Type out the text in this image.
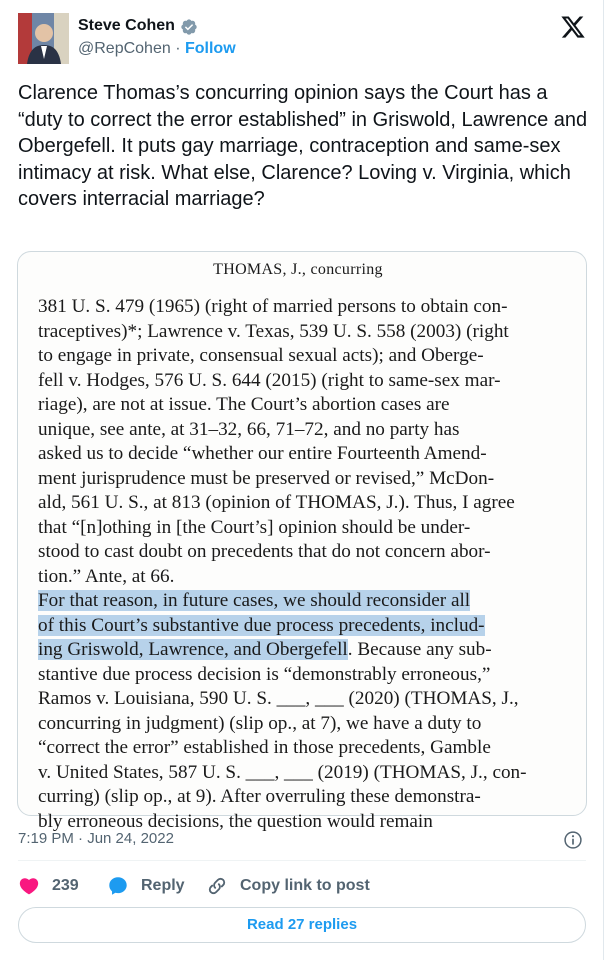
Steve Cohen
@RepCohen · Follow
Clarence Thomas’s concurring opinion says the Court has a “duty to correct the error established” in Griswold, Lawrence and Obergefell. It puts gay marriage, contraception and same-sex intimacy at risk. What else, Clarence? Loving v. Virginia, which covers interracial marriage?
THOMAS, J., concurring
381 U. S. 479 (1965) (right of married persons to obtain con-
traceptives)*; Lawrence v. Texas, 539 U. S. 558 (2003) (right
to engage in private, consensual sexual acts); and Oberge-
fell v. Hodges, 576 U. S. 644 (2015) (right to same-sex mar-
riage), are not at issue. The Court’s abortion cases are
unique, see ante, at 31–32, 66, 71–72, and no party has
asked us to decide “whether our entire Fourteenth Amend-
ment jurisprudence must be preserved or revised,” McDon-
ald, 561 U. S., at 813 (opinion of THOMAS, J.). Thus, I agree
that “[n]othing in [the Court’s] opinion should be under-
stood to cast doubt on precedents that do not concern abor-
tion.” Ante, at 66.
For that reason, in future cases, we should reconsider all
of this Court’s substantive due process precedents, includ-
ing Griswold, Lawrence, and Obergefell. Because any sub-
stantive due process decision is “demonstrably erroneous,”
Ramos v. Louisiana, 590 U. S. ___, ___ (2020) (THOMAS, J.,
concurring in judgment) (slip op., at 7), we have a duty to
“correct the error” established in those precedents, Gamble
v. United States, 587 U. S. ___, ___ (2019) (THOMAS, J., con-
curring) (slip op., at 9). After overruling these demonstra-
bly erroneous decisions, the question would remain
7:19 PM · Jun 24, 2022
239	Reply	Copy link to post
Read 27 replies
